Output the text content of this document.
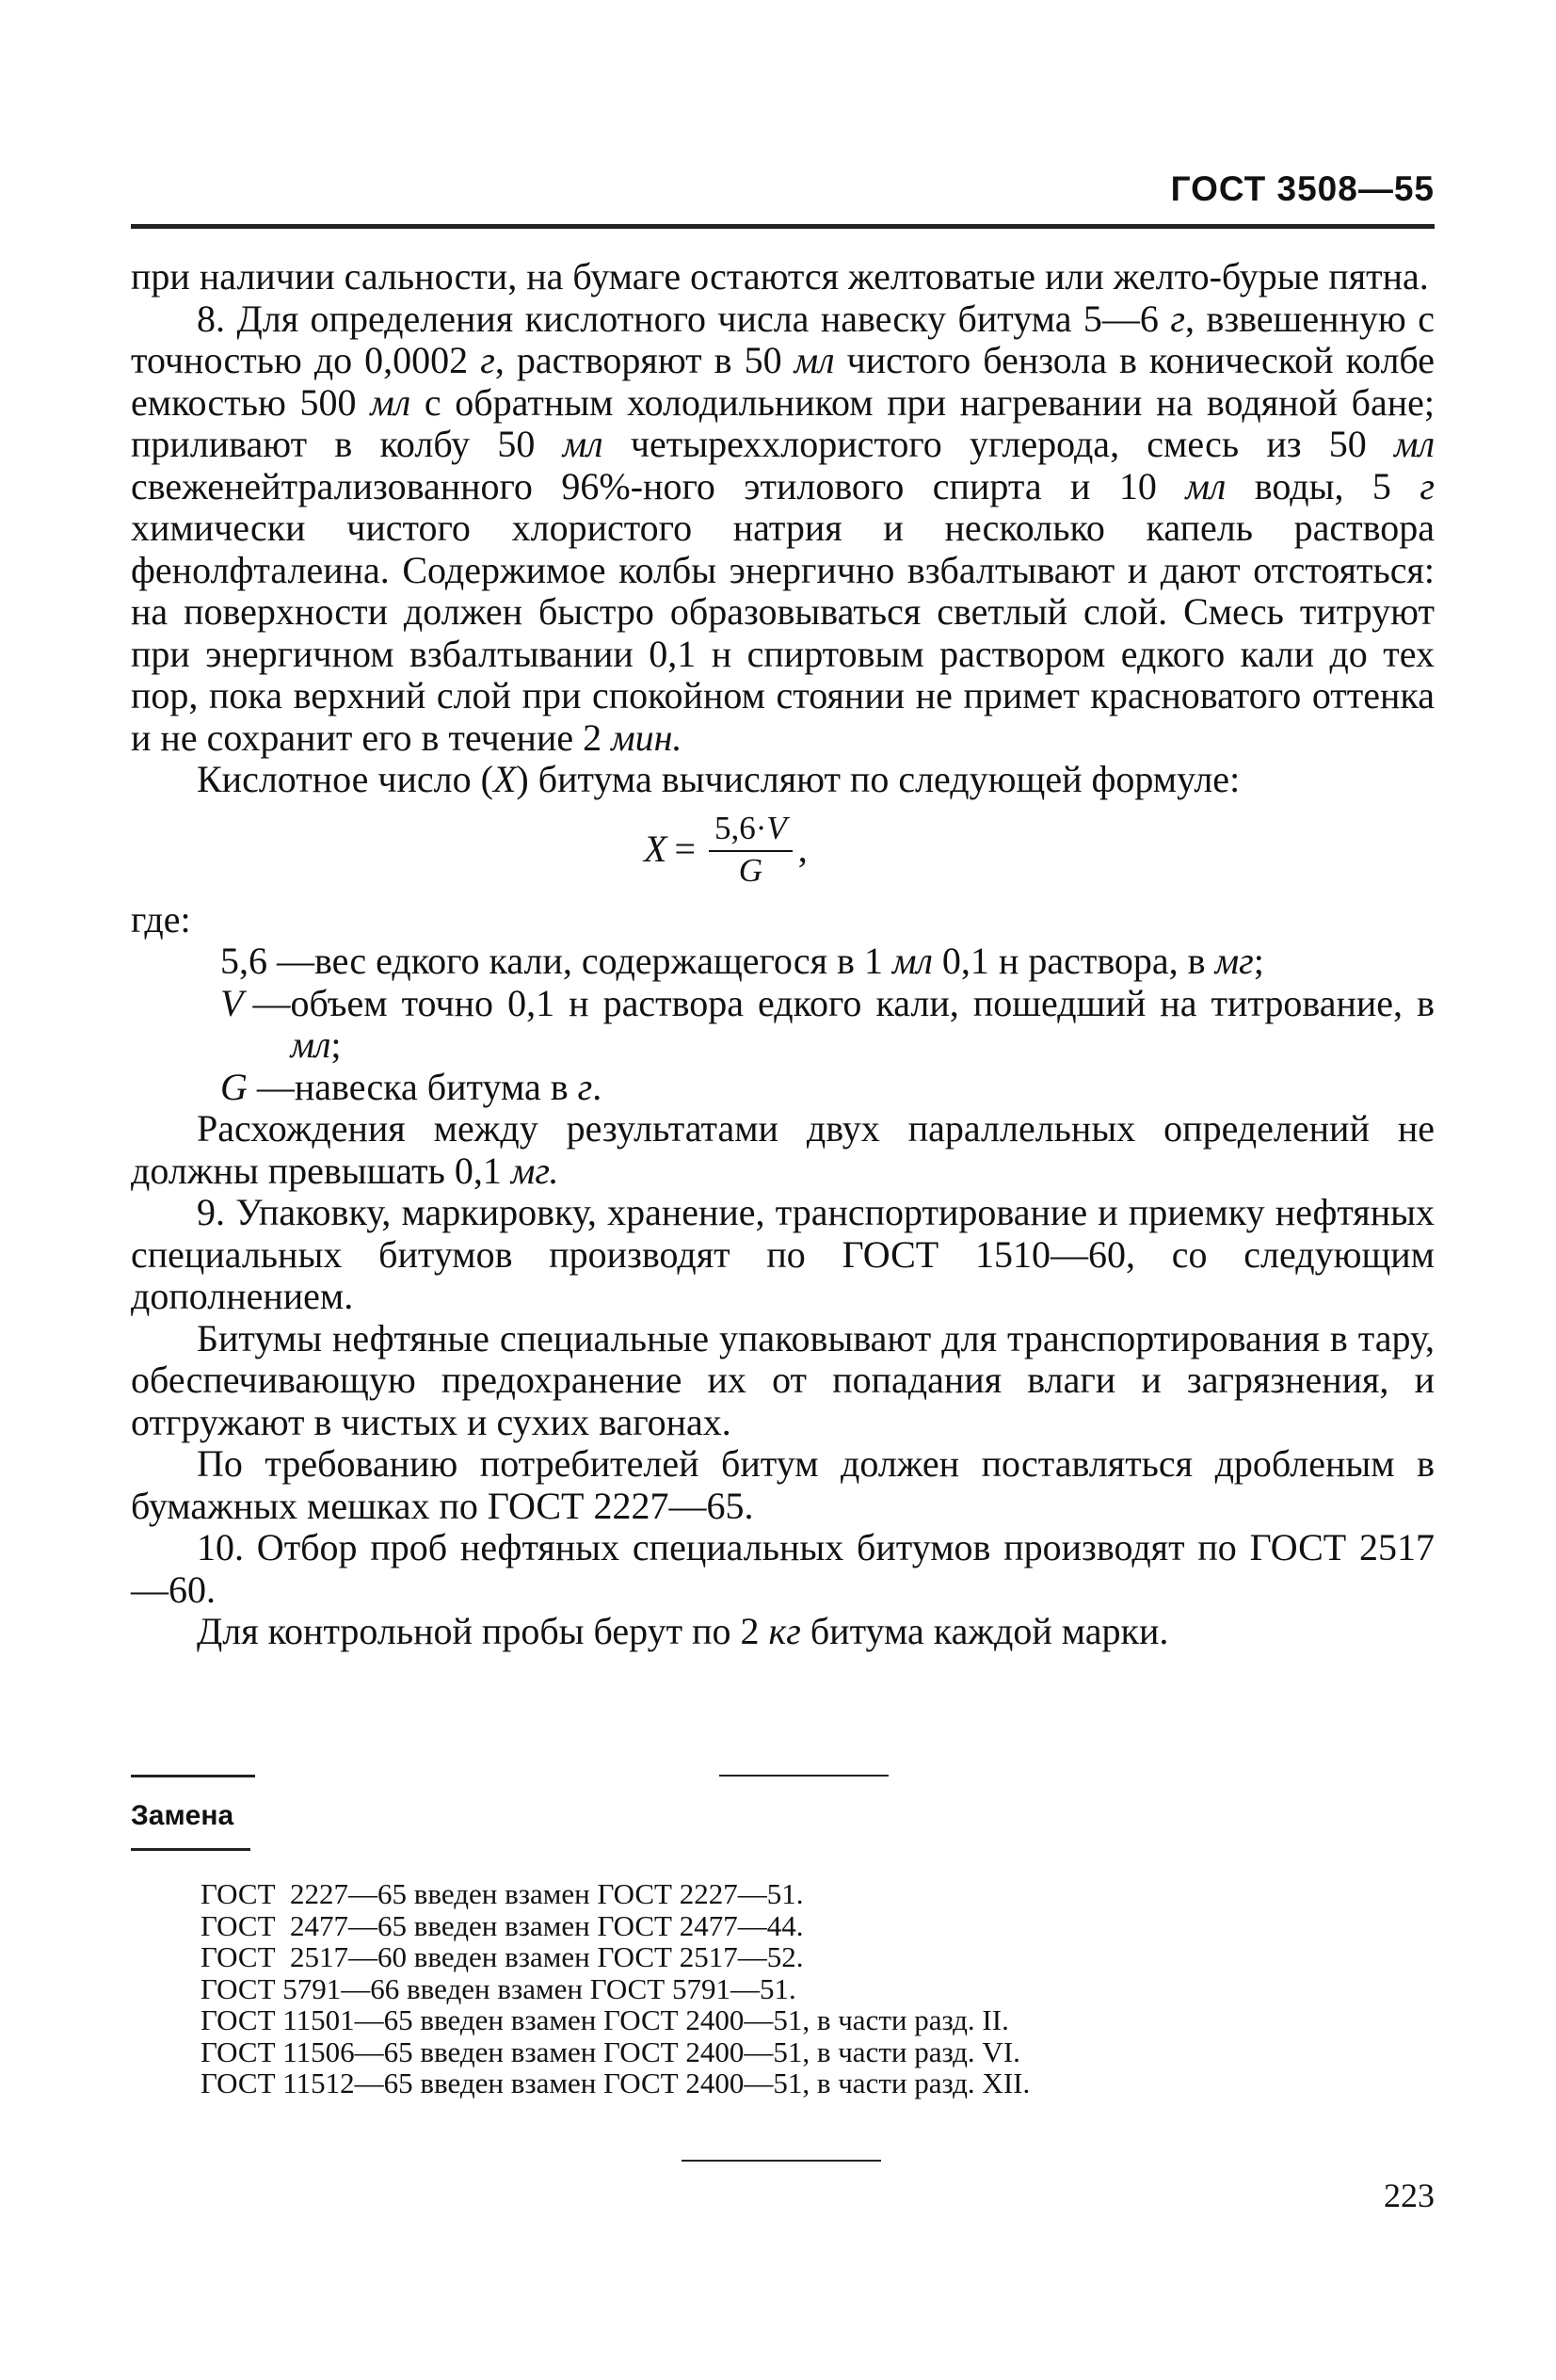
ГОСТ 3508—55

при наличии сальности, на бумаге остаются желтоватые или желто-бурые пятна.

8. Для определения кислотного числа навеску битума 5—6 г, взвешенную с точностью до 0,0002 г, растворяют в 50 мл чистого бензола в конической колбе емкостью 500 мл с обратным холодильником при нагревании на водяной бане; приливают в колбу 50 мл четыреххлористого углерода, смесь из 50 мл свеженейтрализованного 96%-ного этилового спирта и 10 мл воды, 5 г химически чистого хлористого натрия и несколько капель раствора фенолфталеина. Содержимое колбы энергично взбалтывают и дают отстояться: на поверхности должен быстро образовываться светлый слой. Смесь титруют при энергичном взбалтывании 0,1 н спиртовым раствором едкого кали до тех пор, пока верхний слой при спокойном стоянии не примет красноватого оттенка и не сохранит его в течение 2 мин.

Кислотное число (X) битума вычисляют по следующей формуле:

$X = \frac{5,6\cdot V}{G}$ ,

где:

5,6 — вес едкого кали, содержащегося в 1 мл 0,1 н раствора, в мг;
V — объем точно 0,1 н раствора едкого кали, пошедший на титрование, в мл;
G — навеска битума в г.

Расхождения между результатами двух параллельных определений не должны превышать 0,1 мг.

9. Упаковку, маркировку, хранение, транспортирование и приемку нефтяных специальных битумов производят по ГОСТ 1510—60, со следующим дополнением.

Битумы нефтяные специальные упаковывают для транспортирования в тару, обеспечивающую предохранение их от попадания влаги и загрязнения, и отгружают в чистых и сухих вагонах.

По требованию потребителей битум должен поставляться дробленым в бумажных мешках по ГОСТ 2227—65.

10. Отбор проб нефтяных специальных битумов производят по ГОСТ 2517—60.

Для контрольной пробы берут по 2 кг битума каждой марки.

Замена
ГОСТ  2227—65 введен взамен ГОСТ 2227—51.
ГОСТ  2477—65 введен взамен ГОСТ 2477—44.
ГОСТ  2517—60 введен взамен ГОСТ 2517—52.
ГОСТ 5791—66 введен взамен ГОСТ 5791—51.
ГОСТ 11501—65 введен взамен ГОСТ 2400—51, в части разд. II.
ГОСТ 11506—65 введен взамен ГОСТ 2400—51, в части разд. VI.
ГОСТ 11512—65 введен взамен ГОСТ 2400—51, в части разд. XII.
223
